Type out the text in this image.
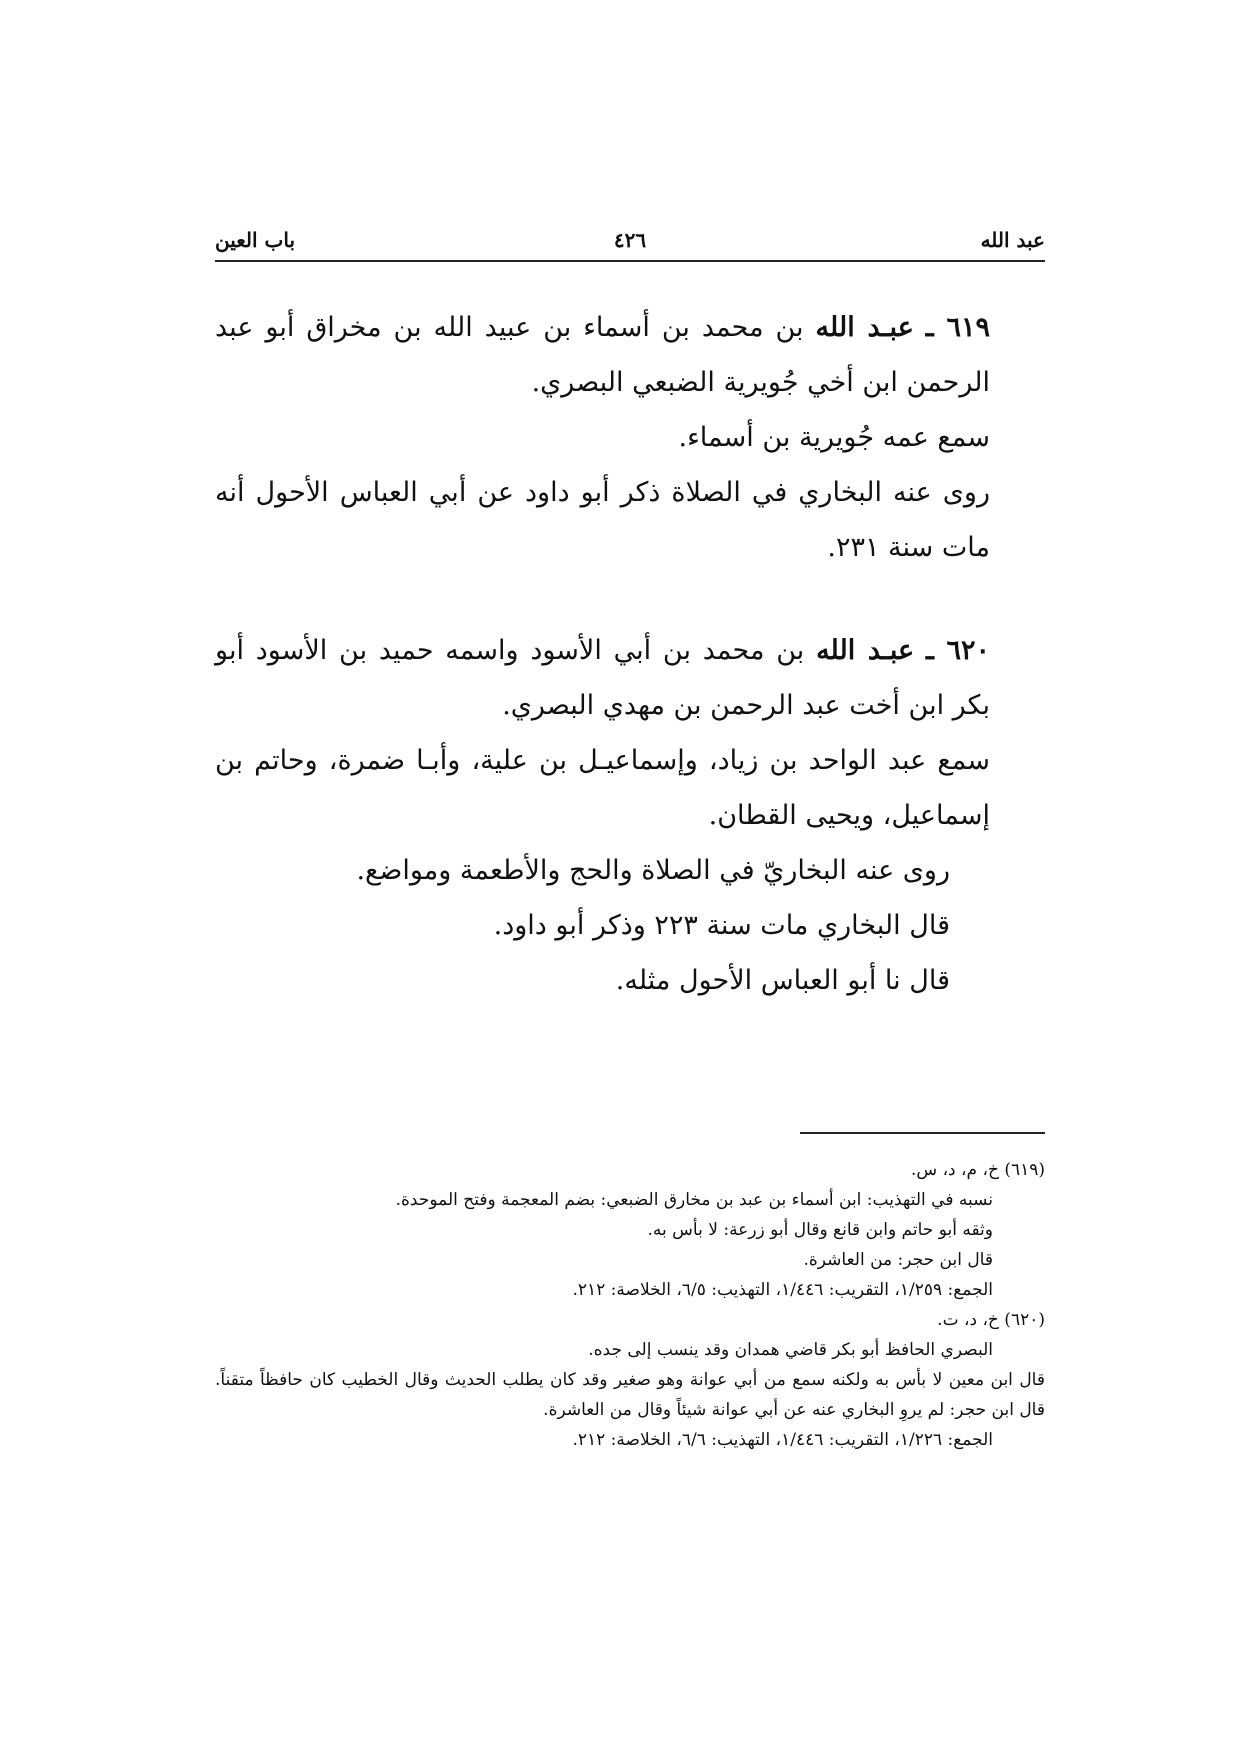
عبد الله
٤٢٦
باب العين

٦١٩ ـ عبـد الله بن محمد بن أسماء بن عبيد الله بن مخراق أبو عبد الرحمن ابن أخي جُويرية الضبعي البصري.

سمع عمه جُويرية بن أسماء.

روى عنه البخاري في الصلاة ذكر أبو داود عن أبي العباس الأحول أنه مات سنة ٢٣١.

٦٢٠ ـ عبـد الله بن محمد بن أبي الأسود واسمه حميد بن الأسود أبو بكر ابن أخت عبد الرحمن بن مهدي البصري.

سمع عبد الواحد بن زياد، وإسماعيـل بن علية، وأبـا ضمرة، وحاتم بن إسماعيل، ويحيى القطان.

روى عنه البخاريّ في الصلاة والحج والأطعمة ومواضع.

قال البخاري مات سنة ٢٢٣ وذكر أبو داود.

قال نا أبو العباس الأحول مثله.

(٦١٩) خ، م، د، س.

نسبه في التهذيب: ابن أسماء بن عبد بن مخارق الضبعي: بضم المعجمة وفتح الموحدة.

وثقه أبو حاتم وابن قانع وقال أبو زرعة: لا بأس به.

قال ابن حجر: من العاشرة.

الجمع: ١/٢٥٩، التقريب: ١/٤٤٦، التهذيب: ٦/٥، الخلاصة: ٢١٢.

(٦٢٠) خ، د، ت.

البصري الحافظ أبو بكر قاضي همدان وقد ينسب إلى جده.

قال ابن معين لا بأس به ولكنه سمع من أبي عوانة وهو صغير وقد كان يطلب الحديث وقال الخطيب كان حافظاً متقناً. قال ابن حجر: لم يروِ البخاري عنه عن أبي عوانة شيئاً وقال من العاشرة.

الجمع: ١/٢٢٦، التقريب: ١/٤٤٦، التهذيب: ٦/٦، الخلاصة: ٢١٢.
